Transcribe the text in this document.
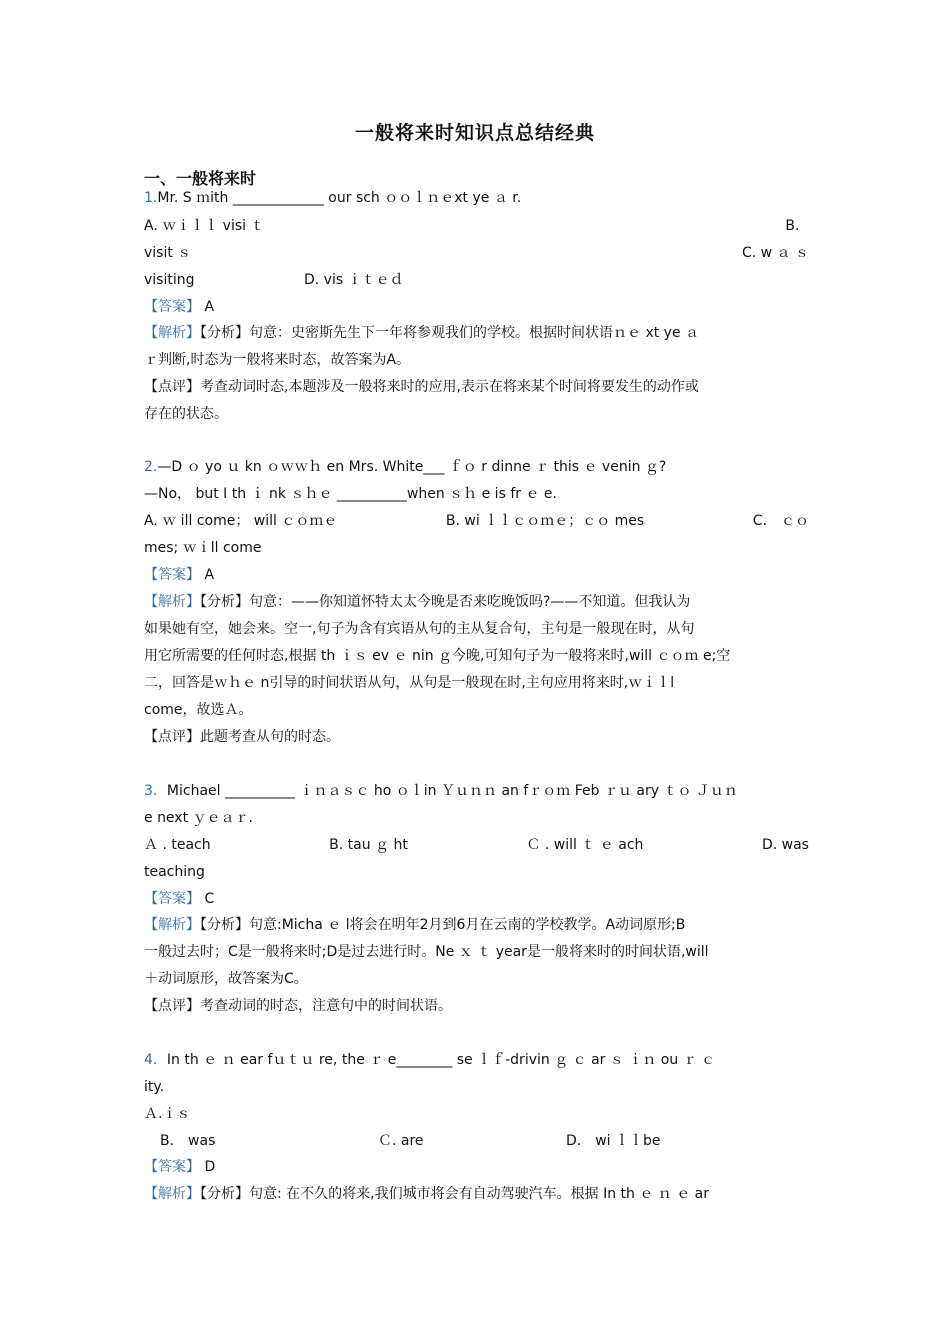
一般将来时知识点总结经典
一、一般将来时
1.Mr. S ｍith _____________ our sch ｏｏｌｎｅxt ye ａ r.
A. ｗｉｌｌ visi ｔ	B．
visit ｓ	C. w ａ ｓ
visiting	D. vis ｉｔｅｄ
【答案】 A
【解析】【分析】句意：史密斯先生下一年将参观我们的学校。根据时间状语ｎｅ xt ye ａ
ｒ判断,时态为一般将来时态，故答案为A。
【点评】考查动词时态,本题涉及一般将来时的应用,表示在将来某个时间将要发生的动作或
存在的状态。
2.—D ｏ yo ｕ kn ｏｗｗｈ en Mrs. White___ ｆｏ r dinne ｒ this ｅ venin ｇ?
—No， but I th ｉ nk ｓｈｅ __________when ｓｈ e is fr ｅ e.
A. ｗ ill come； will ｃｏｍｅ	B. wi ｌｌｃｏｍｅ；ｃｏ mes	C． ｃｏ
mes; ｗｉll come
【答案】 A
【解析】【分析】句意：——你知道怀特太太今晚是否来吃晚饭吗?——不知道。但我认为
如果她有空，她会来。空一,句子为含有宾语从句的主从复合句，主句是一般现在时，从句
用它所需要的任何时态,根据 th ｉｓ ev ｅ nin ｇ今晚,可知句子为一般将来时,will ｃｏｍ e;空
二，回答是ｗｈｅ n引导的时间状语从句，从句是一般现在时,主句应用将来时,ｗｉｌl
come，故选Ａ。
【点评】此题考查从句的时态。
3．Michael __________ ｉｎａｓｃ ho ｏｌin Ｙｕｎｎ an fｒｏｍ Feb ｒｕ ary ｔｏ Ｊｕｎ
e next ｙｅａｒ.
Ａ . teach	B. tau ｇ ht	Ｃ . will ｔ ｅ ach	D. was
teaching
【答案】 C
【解析】【分析】句意:Micha ｅ l将会在明年2月到6月在云南的学校教学。A动词原形;B
一般过去时；C是一般将来时;D是过去进行时。Ne ｘ ｔ year是一般将来时的时间状语,will
＋动词原形，故答案为C。
【点评】考查动词的时态，注意句中的时间状语。
4．In th ｅ ｎ ear fｕｔｕ re, the ｒ e________ se ｌｆ-drivin ｇ ｃ ar ｓ ｉｎ ou ｒ ｃ
ity.
Ａ.ｉｓ
B． was	Ｃ. are	D． wi ｌｌbe
【答案】 D
【解析】【分析】句意: 在不久的将来,我们城市将会有自动驾驶汽车。根据 In th ｅ ｎ ｅ ar
